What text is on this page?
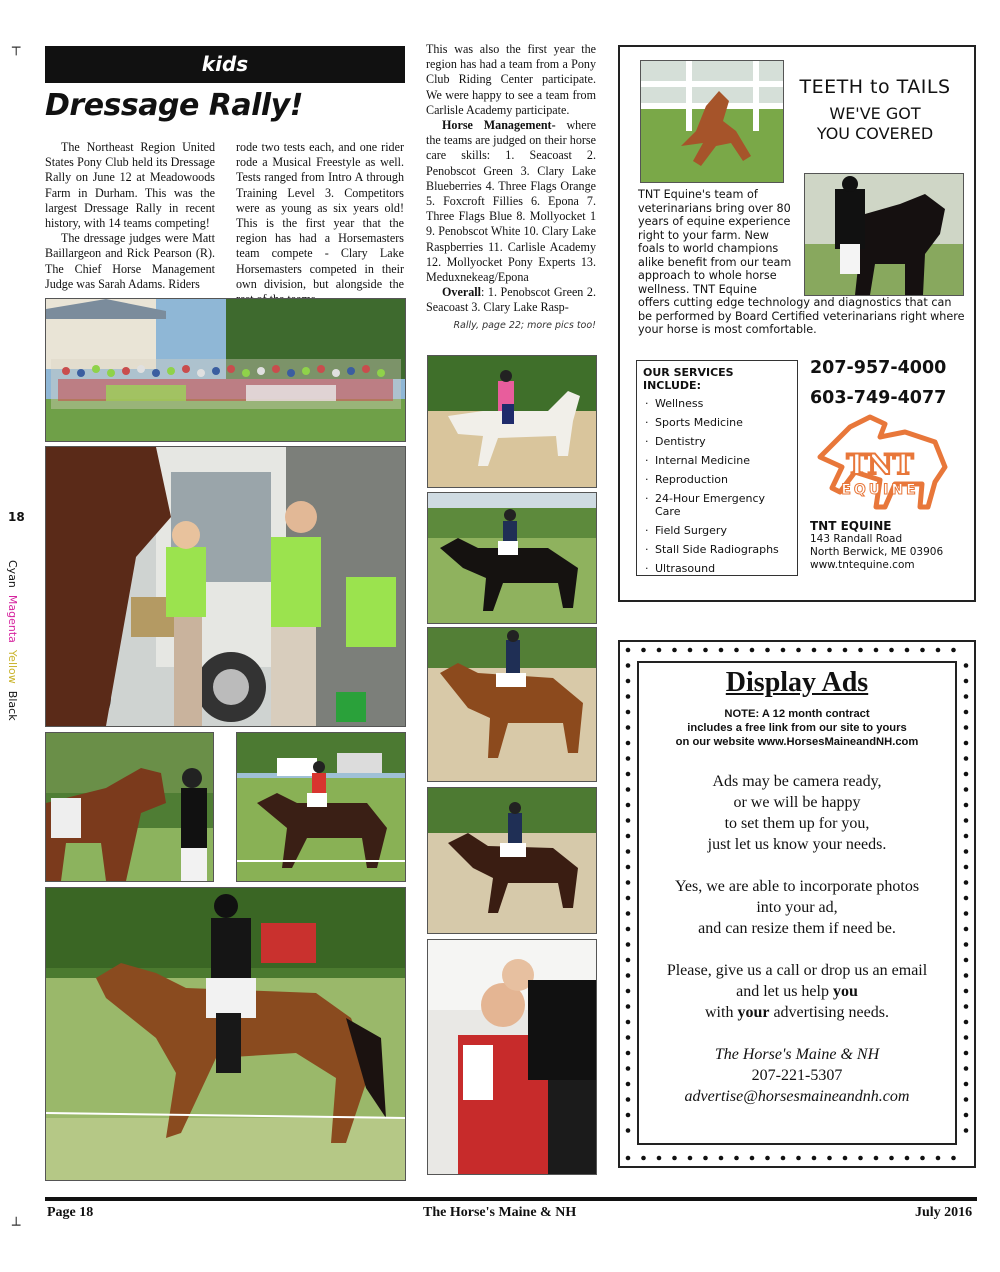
┬
┴
18
Cyan  Magenta  Yellow  Black
kids
Dressage Rally!

The Northeast Region United States Pony Club held its Dressage Rally on June 12 at Meadowoods Farm in Durham. This was the largest Dressage Rally in recent history, with 14 teams competing!

The dressage judges were Matt Baillargeon and Rick Pearson (R). The Chief Horse Management Judge was Sarah Adams. Riders

rode two tests each, and one rider rode a Musical Freestyle as well. Tests ranged from Intro A through Training Level 3. Competitors were as young as six years old! This is the first year that the region has had a Horsemasters team compete - Clary Lake Horsemasters competed in their own division, but alongside the

This was also the first year the region has had a team from a Pony Club Riding Center participate. We were happy to see a team from Carlisle Academy participate.

Horse Management- where the teams are judged on their horse care skills: 1. Seacoast 2. Penobscot Green 3. Clary Lake Blueberries 4. Three Flags Orange 5. Foxcroft Fillies 6. Epona 7. Three Flags Blue 8. Mollyocket 1 9. Penobscot White 10. Clary Lake Raspberries 11. Carlisle Academy 12. Mollyocket Pony Experts 13. Meduxnekeag/Epona

Overall: 1. Penobscot Green 2. Seacoast 3. Clary Lake Rasp-

Rally, page 22; more pics too!
TEETH to TAILS
WE'VE GOT
YOU COVERED
TNT Equine's team of veterinarians bring over 80 years of equine experience right to your farm. New foals to world champions alike benefit from our team approach to whole horse wellness. TNT Equine
offers cutting edge technology and diagnostics that can be performed by Board Certified veterinarians right where your horse is most comfortable.
OUR SERVICES INCLUDE:
· Wellness
· Sports Medicine
· Dentistry
· Internal Medicine
· Reproduction
· 24-Hour Emergency Care
· Field Surgery
· Stall Side Radiographs
· Ultrasound
207-957-4000
603-749-4077
TNT
EQUINE
TNT EQUINE
143 Randall Road
North Berwick, ME 03906
www.tntequine.com
Display Ads
NOTE: A 12 month contract
includes a free link from our site to yours
on our website www.HorsesMaineandNH.com

Ads may be camera ready,
or we will be happy
to set them up for you,
just let us know your needs.

Yes, we are able to incorporate photos
into your ad,
and can resize them if need be.

Please, give us a call or drop us an email
and let us help you
with your advertising needs.

The Horse's Maine & NH
207-221-5307
advertise@horsesmaineandnh.com
Page 18	The Horse's Maine & NH	July 2016
